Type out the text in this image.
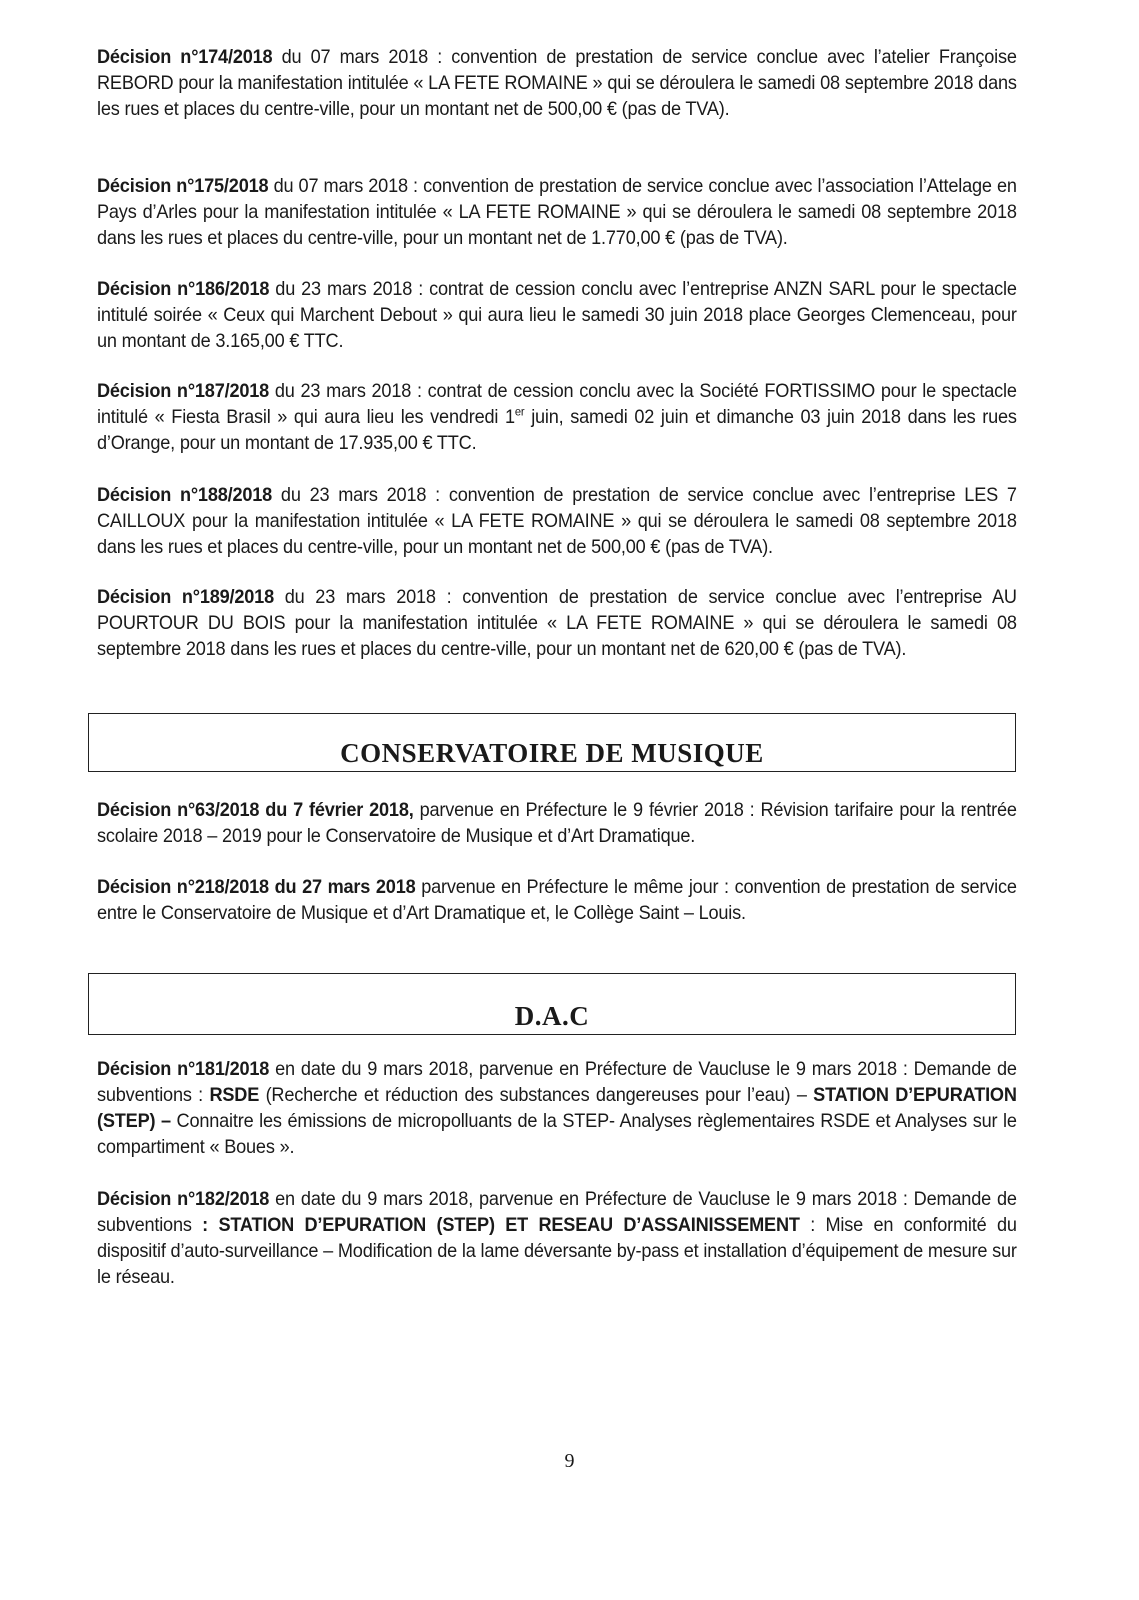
Décision n°174/2018 du 07 mars 2018 : convention de prestation de service conclue avec l’atelier Françoise REBORD pour la manifestation intitulée « LA FETE ROMAINE » qui se déroulera le samedi 08 septembre 2018 dans les rues et places du centre-ville, pour un montant net de 500,00 € (pas de TVA).

Décision n°175/2018 du 07 mars 2018 : convention de prestation de service conclue avec l’association l’Attelage en Pays d’Arles pour la manifestation intitulée « LA FETE ROMAINE » qui se déroulera le samedi 08 septembre 2018 dans les rues et places du centre-ville, pour un montant net de 1.770,00 € (pas de TVA).

Décision n°186/2018 du 23 mars 2018 : contrat de cession conclu avec l’entreprise ANZN SARL pour le spectacle intitulé soirée « Ceux qui Marchent Debout » qui aura lieu le samedi 30 juin 2018 place Georges Clemenceau, pour un montant de 3.165,00 € TTC.

Décision n°187/2018 du 23 mars 2018 : contrat de cession conclu avec la Société FORTISSIMO pour le spectacle intitulé « Fiesta Brasil » qui aura lieu les vendredi 1er juin, samedi 02 juin et dimanche 03 juin 2018 dans les rues d’Orange, pour un montant de 17.935,00 € TTC.

Décision n°188/2018 du 23 mars 2018 : convention de prestation de service conclue avec l’entreprise LES 7 CAILLOUX pour la manifestation intitulée « LA FETE ROMAINE » qui se déroulera le samedi 08 septembre 2018 dans les rues et places du centre-ville, pour un montant net de 500,00 € (pas de TVA).

Décision n°189/2018 du 23 mars 2018 : convention de prestation de service conclue avec l’entreprise AU POURTOUR DU BOIS pour la manifestation intitulée « LA FETE ROMAINE » qui se déroulera le samedi 08 septembre 2018 dans les rues et places du centre-ville, pour un montant net de 620,00 € (pas de TVA).

CONSERVATOIRE DE MUSIQUE

Décision n°63/2018 du 7 février 2018, parvenue en Préfecture le 9 février 2018 : Révision tarifaire pour la rentrée scolaire 2018 – 2019 pour le Conservatoire de Musique et d’Art Dramatique.

Décision n°218/2018 du 27 mars 2018 parvenue en Préfecture le même jour : convention de prestation de service entre le Conservatoire de Musique et d’Art Dramatique et, le Collège Saint – Louis.

D.A.C

Décision n°181/2018 en date du 9 mars 2018, parvenue en Préfecture de Vaucluse le 9 mars 2018 : Demande de subventions : RSDE (Recherche et réduction des substances dangereuses pour l’eau) – STATION D’EPURATION (STEP) – Connaitre les émissions de micropolluants de la STEP- Analyses règlementaires RSDE et Analyses sur le compartiment « Boues ».

Décision n°182/2018 en date du 9 mars 2018, parvenue en Préfecture de Vaucluse le 9 mars 2018 : Demande de subventions : STATION D’EPURATION (STEP) ET RESEAU D’ASSAINISSEMENT : Mise en conformité du dispositif d’auto-surveillance – Modification de la lame déversante by-pass et installation d’équipement de mesure sur le réseau.

9
